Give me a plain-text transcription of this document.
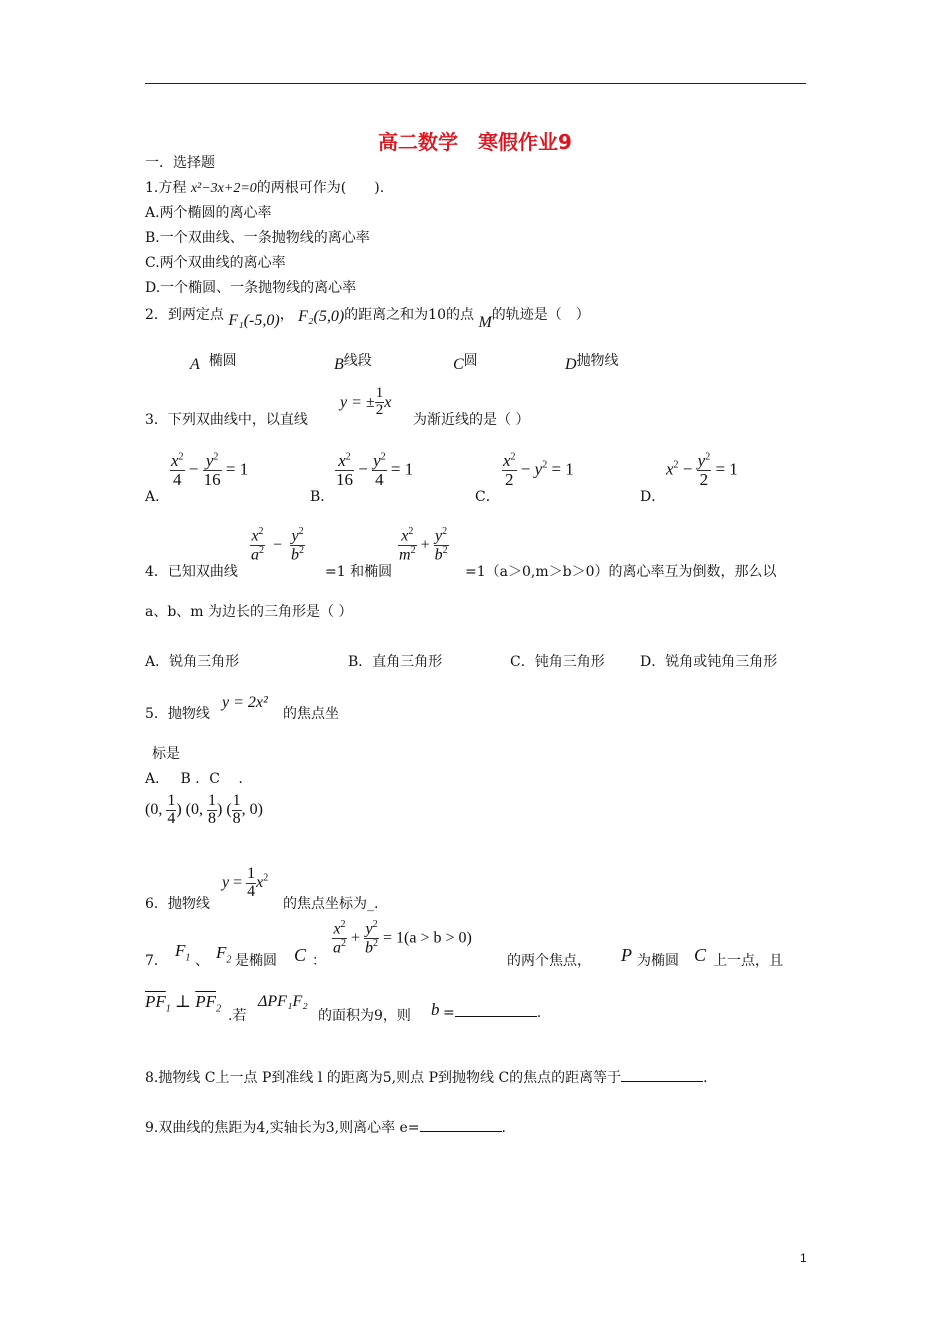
高二数学　寒假作业9
一．选择题
1.方程 x²−3x+2=0的两根可作为(　　).
A.两个椭圆的离心率
B.一个双曲线、一条抛物线的离心率
C.两个双曲线的离心率
D.一个椭圆、一条抛物线的离心率
2．到两定点 F₁(-5,0)， F₂(5,0)的距离之和为10的点 M的轨迹是（　）
A 椭圆	B线段	C圆	D抛物线
y = ± $\frac{1}{2}$ x
3．下列双曲线中，以直线	为渐近线的是（ ）
A．	B．	C．	D．
$\frac{x^2}{4} - \frac{y^2}{16} = 1$	$\frac{x^2}{16} - \frac{y^2}{4} = 1$	$\frac{x^2}{2} - y^2 = 1$	$x^2 - \frac{y^2}{2} = 1$
$\frac{x^2}{a^2} - \frac{y^2}{b^2}$	$\frac{x^2}{m^2} + \frac{y^2}{b^2}$
4．已知双曲线	=1 和椭圆	=1（a＞0,m＞b＞0）的离心率互为倒数，那么以
a、b、m 为边长的三角形是（ ）
A．锐角三角形	B．直角三角形	C．钝角三角形	D．锐角或钝角三角形
5．抛物线
y = 2x²
的焦点坐
标是
A．　 B ．C 　．
(0, $\frac{1}{4}$ ) (0, $\frac{1}{8}$ ) ( $\frac{1}{8}$ , 0)
$y = \frac{1}{4} x^2$
6．抛物线	的焦点坐标为_.
7．
$F_1$ 、 $F_2$ 是椭圆 C ：
$\frac{x^2}{a^2} + \frac{y^2}{b^2} = 1(a > b > 0)$
的两个焦点， P 为椭圆 C 上一点，且
$\overline{PF}_1$ ⊥ $\overline{PF}_2$ .若
ΔPF₁F₂
的面积为9，则 b =	.
8.抛物线 C上一点 P到准线 l 的距离为5,则点 P到抛物线 C的焦点的距离等于	.
9.双曲线的焦距为4,实轴长为3,则离心率 e=	.
1
